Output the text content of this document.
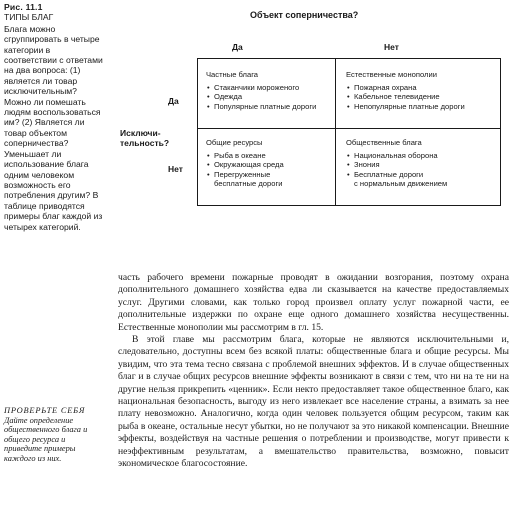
Рис. 11.1
ТИПЫ БЛАГ
Блага можно сгруппировать в четыре категории в соответствии с ответами на два вопроса: (1) является ли товар исключительным? Можно ли помешать людям воспользоваться им? (2) Является ли товар объектом соперничества? Уменьшает ли использование блага одним человеком возможность его потребления другим? В таблице приводятся примеры благ каждой из четырех категорий.
Объект соперничества?
Да	Нет
Да
Нет
Исключи-
тельность?
Частные блага
• Стаканчики мороженого
• Одежда
• Популярные платные дороги
Естественные монополии
• Пожарная охрана
• Кабельное телевидение
• Непопулярные платные дороги
Общие ресурсы
• Рыба в океане
• Окружающая среда
• Перегруженные
бесплатные дороги
Общественные блага
• Национальная оборона
• Знония
• Бесплатные дороги
с нормальным движением

часть рабочего времени пожарные проводят в ожидании возгорания, поэтому охрана дополнительного домашнего хозяйства едва ли сказывается на качестве предоставляемых услуг. Другими словами, как только город произвел оплату услуг пожарной части, ее дополнительные издержки по охране еще одного домашнего хозяйства несущественны. Естественные монополии мы рассмотрим в гл. 15.

В этой главе мы рассмотрим блага, которые не являются исключительными и, следовательно, доступны всем без всякой платы: общественные блага и общие ресурсы. Мы увидим, что эта тема тесно связана с проблемой внешних эффектов. И в случае общественных благ и в случае общих ресурсов внешние эффекты возникают в связи с тем, что ни на те ни на другие нельзя прикрепить «ценник». Если некто предоставляет такое общественное благо, как национальная безопасность, выгоду из него извлекает все население страны, а взимать за нее плату невозможно. Аналогично, когда один человек пользуется общим ресурсом, таким как рыба в океане, остальные несут убытки, но не получают за это никакой компенсации. Внешние эффекты, воздействуя на частные решения о потреблении и производстве, могут привести к неэффективным результатам, а вмешательство правительства, возможно, повысит экономическое благосостояние.

ПРОВЕРЬТЕ СЕБЯ
Дайте определение общественного блага и общего ресурса и приведите примеры каждого из них.
